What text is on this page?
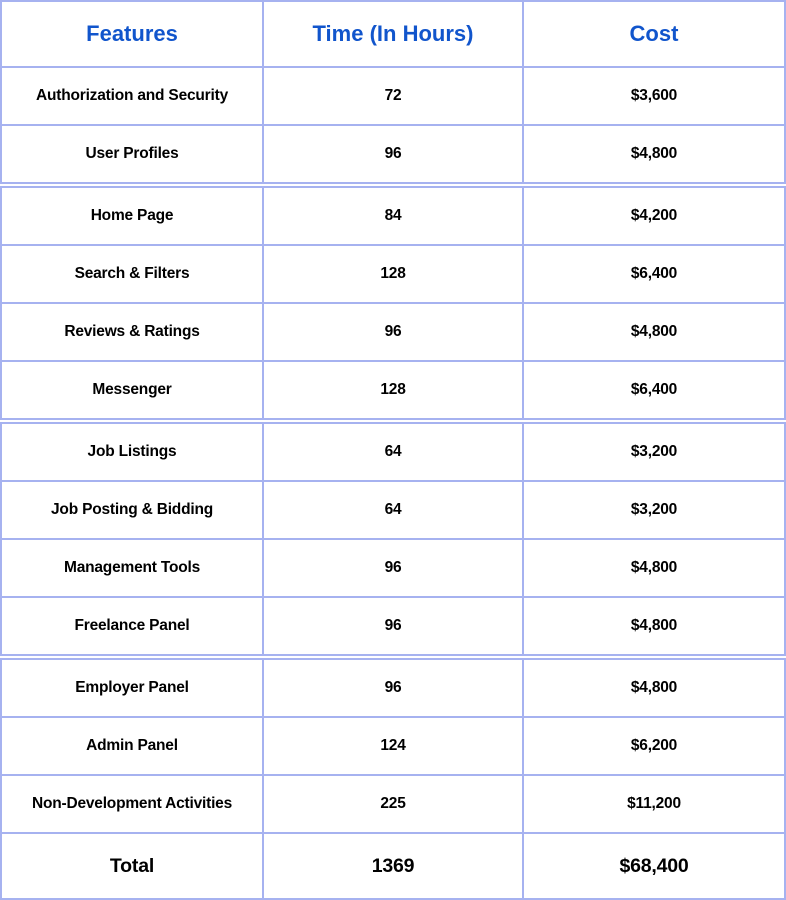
Features	Time (In Hours)	Cost
Authorization and Security	72	$3,600
User Profiles	96	$4,800
Home Page	84	$4,200
Search & Filters	128	$6,400
Reviews & Ratings	96	$4,800
Messenger	128	$6,400
Job Listings	64	$3,200
Job Posting & Bidding	64	$3,200
Management Tools	96	$4,800
Freelance Panel	96	$4,800
Employer Panel	96	$4,800
Admin Panel	124	$6,200
Non-Development Activities	225	$11,200
Total	1369	$68,400
